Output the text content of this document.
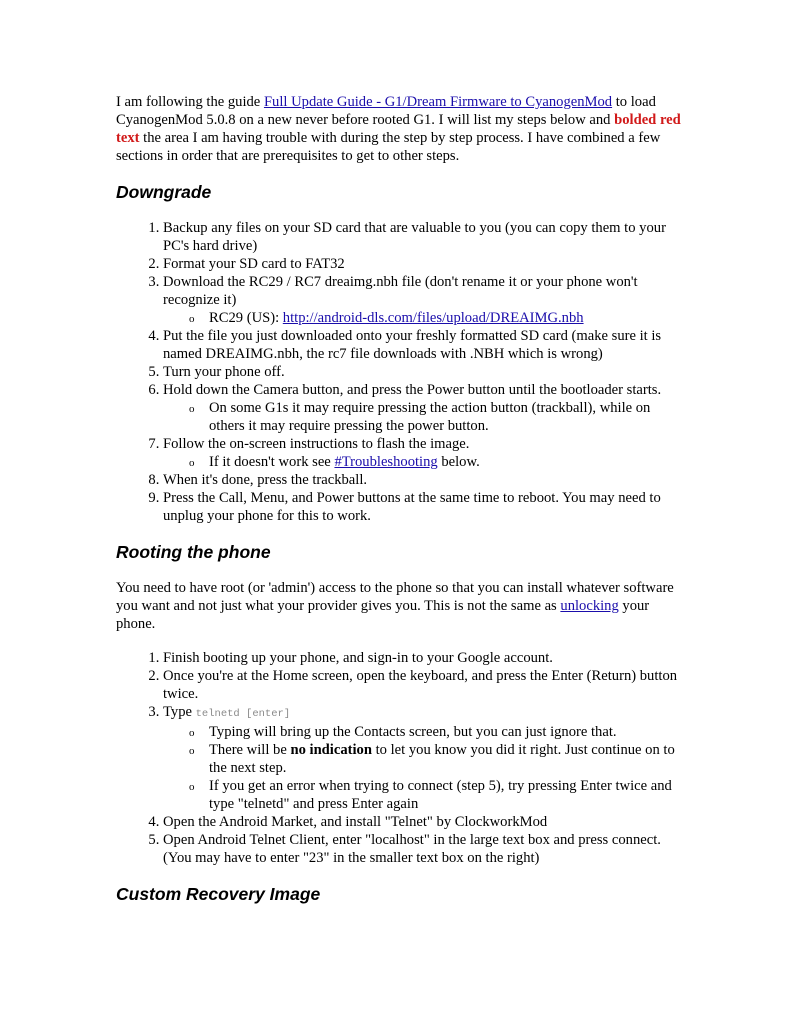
I am following the guide Full Update Guide - G1/Dream Firmware to CyanogenMod to load CyanogenMod 5.0.8 on a new never before rooted G1. I will list my steps below and bolded red text the area I am having trouble with during the step by step process. I have combined a few sections in order that are prerequisites to get to other steps.

Downgrade
1. Backup any files on your SD card that are valuable to you (you can copy them to your PC's hard drive)
2. Format your SD card to FAT32
3. Download the RC29 / RC7 dreaimg.nbh file (don't rename it or your phone won't recognize it)
o RC29 (US): http://android-dls.com/files/upload/DREAIMG.nbh
4. Put the file you just downloaded onto your freshly formatted SD card (make sure it is named DREAIMG.nbh, the rc7 file downloads with .NBH which is wrong)
5. Turn your phone off.
6. Hold down the Camera button, and press the Power button until the bootloader starts.
o On some G1s it may require pressing the action button (trackball), while on others it may require pressing the power button.
7. Follow the on-screen instructions to flash the image.
o If it doesn't work see #Troubleshooting below.
8. When it's done, press the trackball.
9. Press the Call, Menu, and Power buttons at the same time to reboot. You may need to unplug your phone for this to work.
Rooting the phone

You need to have root (or 'admin') access to the phone so that you can install whatever software you want and not just what your provider gives you. This is not the same as unlocking your phone.

1. Finish booting up your phone, and sign-in to your Google account.
2. Once you're at the Home screen, open the keyboard, and press the Enter (Return) button twice.
3. Type telnetd [enter]
o Typing will bring up the Contacts screen, but you can just ignore that.
o There will be no indication to let you know you did it right. Just continue on to the next step.
o If you get an error when trying to connect (step 5), try pressing Enter twice and type "telnetd" and press Enter again
4. Open the Android Market, and install "Telnet" by ClockworkMod
5. Open Android Telnet Client, enter "localhost" in the large text box and press connect. (You may have to enter "23" in the smaller text box on the right)
Custom Recovery Image
